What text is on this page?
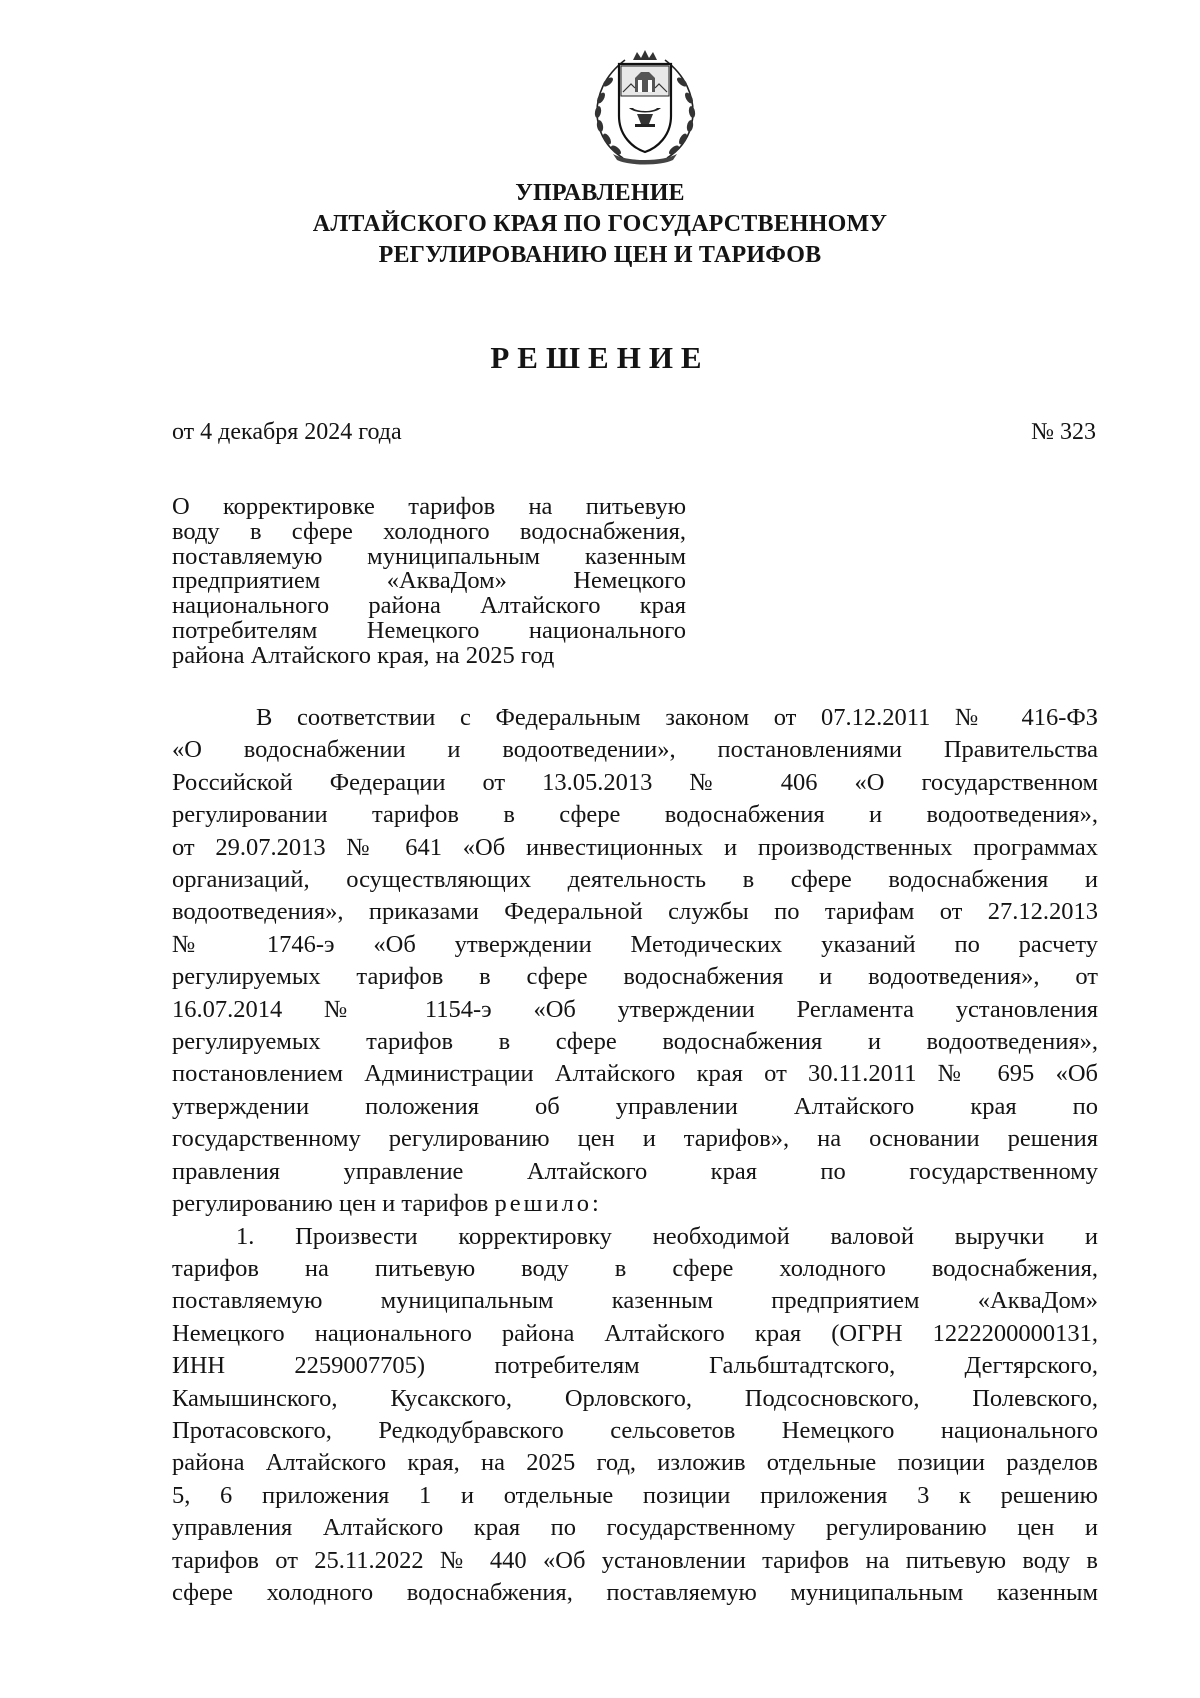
УПРАВЛЕНИЕ
АЛТАЙСКОГО КРАЯ ПО ГОСУДАРСТВЕННОМУ
РЕГУЛИРОВАНИЮ ЦЕН И ТАРИФОВ
РЕШЕНИЕ
от 4 декабря 2024 года	№ 323
О корректировке тарифов на питьевую
воду в сфере холодного водоснабжения,
поставляемую муниципальным казенным
предприятием «АкваДом» Немецкого
национального района Алтайского края
потребителям Немецкого национального
района Алтайского края, на 2025 год
В соответствии с Федеральным законом от 07.12.2011 № 416-ФЗ
«О водоснабжении и водоотведении», постановлениями Правительства
Российской Федерации от 13.05.2013 № 406 «О государственном
регулировании тарифов в сфере водоснабжения и водоотведения»,
от 29.07.2013 № 641 «Об инвестиционных и производственных программах
организаций, осуществляющих деятельность в сфере водоснабжения и
водоотведения», приказами Федеральной службы по тарифам от 27.12.2013
№ 1746-э «Об утверждении Методических указаний по расчету
регулируемых тарифов в сфере водоснабжения и водоотведения», от
16.07.2014 № 1154-э «Об утверждении Регламента установления
регулируемых тарифов в сфере водоснабжения и водоотведения»,
постановлением Администрации Алтайского края от 30.11.2011 № 695 «Об
утверждении положения об управлении Алтайского края по
государственному регулированию цен и тарифов», на основании решения
правления управление Алтайского края по государственному
регулированию цен и тарифов решило:
1. Произвести корректировку необходимой валовой выручки и
тарифов на питьевую воду в сфере холодного водоснабжения,
поставляемую муниципальным казенным предприятием «АкваДом»
Немецкого национального района Алтайского края (ОГРН 1222200000131,
ИНН 2259007705) потребителям Гальбштадтского, Дегтярского,
Камышинского, Кусакского, Орловского, Подсосновского, Полевского,
Протасовского, Редкодубравского сельсоветов Немецкого национального
района Алтайского края, на 2025 год, изложив отдельные позиции разделов
5, 6 приложения 1 и отдельные позиции приложения 3 к решению
управления Алтайского края по государственному регулированию цен и
тарифов от 25.11.2022 № 440 «Об установлении тарифов на питьевую воду в
сфере холодного водоснабжения, поставляемую муниципальным казенным
